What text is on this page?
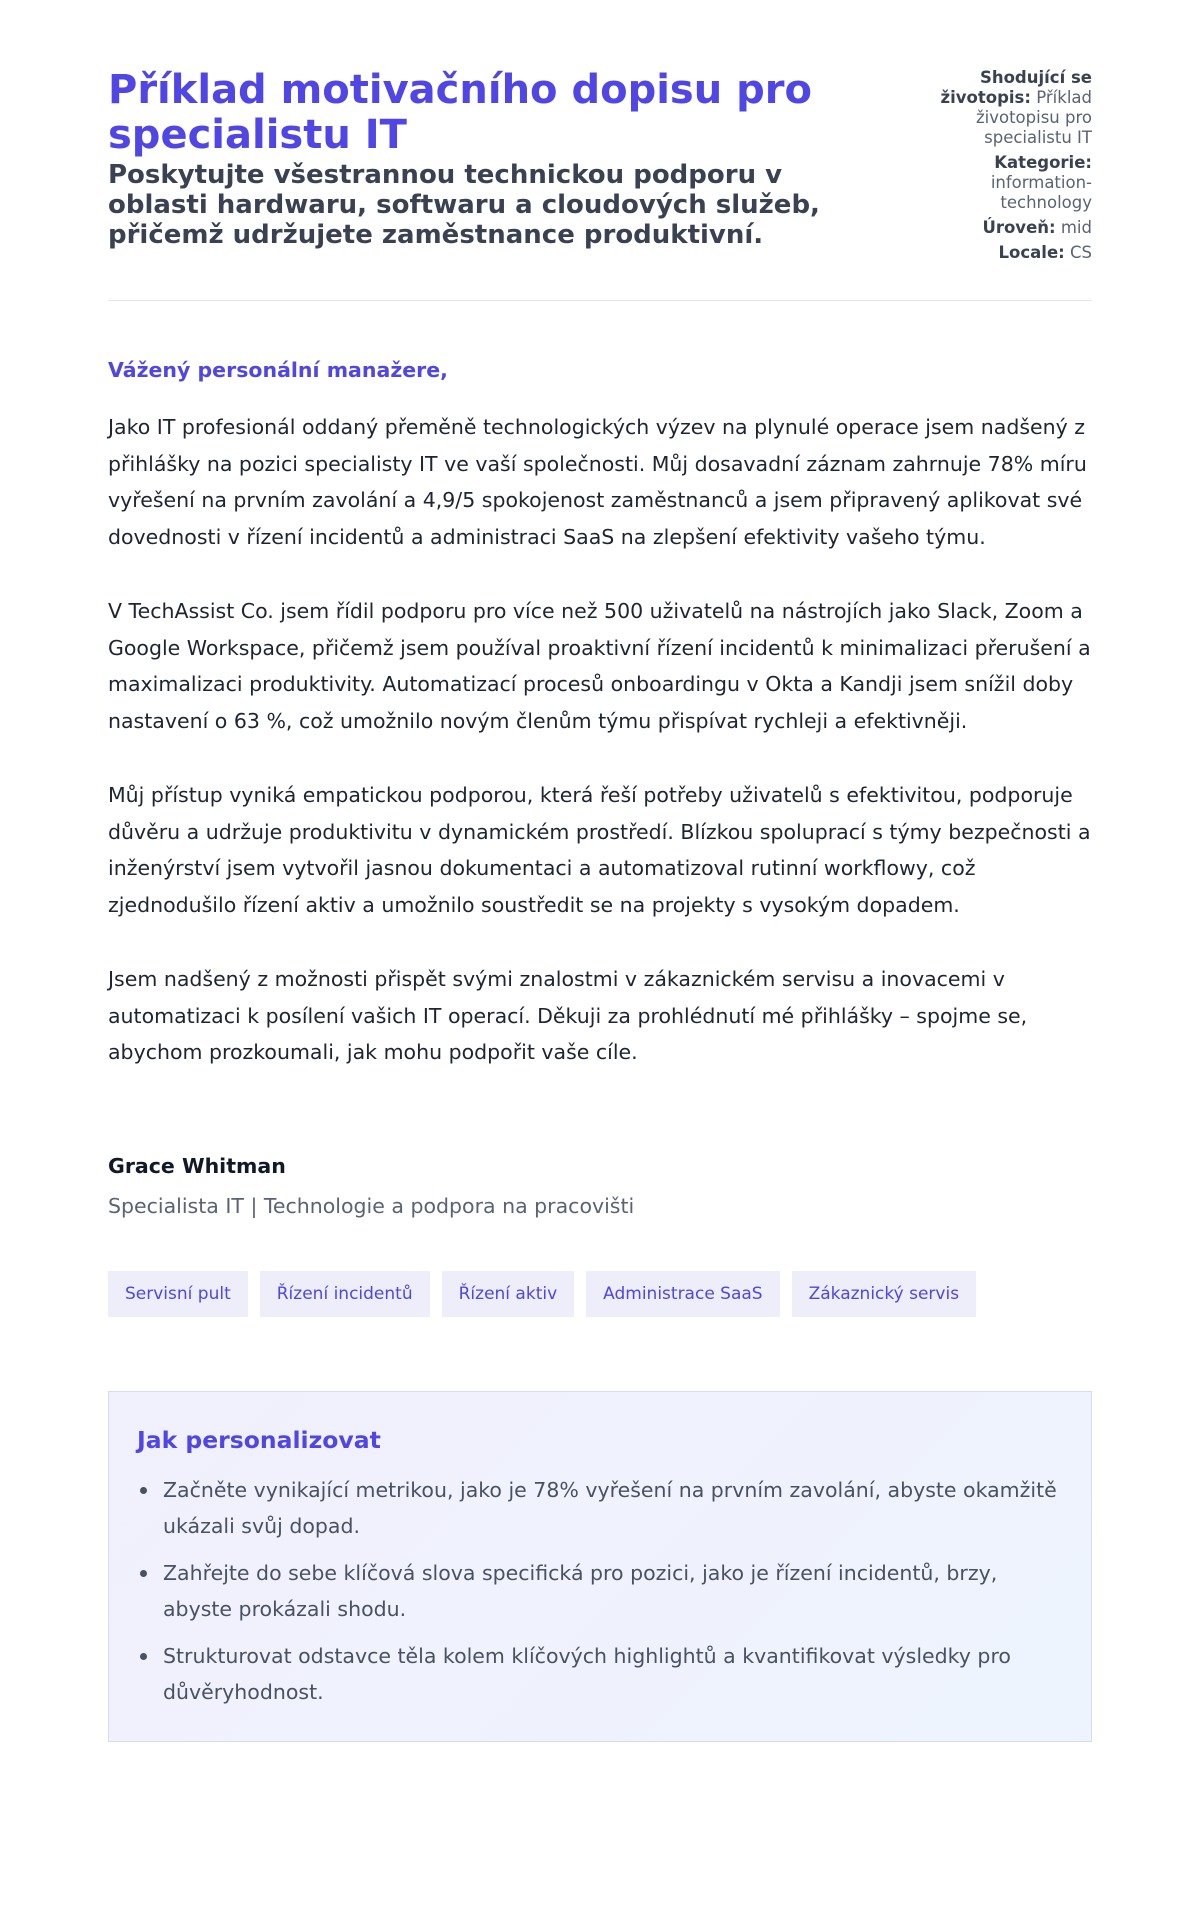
Příklad motivačního dopisu pro specialistu IT
Poskytujte všestrannou technickou podporu v oblasti hardwaru, softwaru a cloudových služeb, přičemž udržujete zaměstnance produktivní.
Shodující se životopis: Příklad životopisu pro specialistu IT
Kategorie: information-technology
Úroveň: mid
Locale: CS

Vážený personální manažere,

Jako IT profesionál oddaný přeměně technologických výzev na plynulé operace jsem nadšený z přihlášky na pozici specialisty IT ve vaší společnosti. Můj dosavadní záznam zahrnuje 78% míru vyřešení na prvním zavolání a 4,9/5 spokojenost zaměstnanců a jsem připravený aplikovat své dovednosti v řízení incidentů a administraci SaaS na zlepšení efektivity vašeho týmu.

V TechAssist Co. jsem řídil podporu pro více než 500 uživatelů na nástrojích jako Slack, Zoom a Google Workspace, přičemž jsem používal proaktivní řízení incidentů k minimalizaci přerušení a maximalizaci produktivity. Automatizací procesů onboardingu v Okta a Kandji jsem snížil doby nastavení o 63 %, což umožnilo novým členům týmu přispívat rychleji a efektivněji.

Můj přístup vyniká empatickou podporou, která řeší potřeby uživatelů s efektivitou, podporuje důvěru a udržuje produktivitu v dynamickém prostředí. Blízkou spoluprací s týmy bezpečnosti a inženýrství jsem vytvořil jasnou dokumentaci a automatizoval rutinní workflowy, což zjednodušilo řízení aktiv a umožnilo soustředit se na projekty s vysokým dopadem.

Jsem nadšený z možnosti přispět svými znalostmi v zákaznickém servisu a inovacemi v automatizaci k posílení vašich IT operací. Děkuji za prohlédnutí mé přihlášky – spojme se, abychom prozkoumali, jak mohu podpořit vaše cíle.

Grace Whitman
Specialista IT | Technologie a podpora na pracovišti
Servisní pult	Řízení incidentů	Řízení aktiv	Administrace SaaS	Zákaznický servis
Jak personalizovat
Začněte vynikající metrikou, jako je 78% vyřešení na prvním zavolání, abyste okamžitě ukázali svůj dopad.
Zahřejte do sebe klíčová slova specifická pro pozici, jako je řízení incidentů, brzy, abyste prokázali shodu.
Strukturovat odstavce těla kolem klíčových highlightů a kvantifikovat výsledky pro důvěryhodnost.
